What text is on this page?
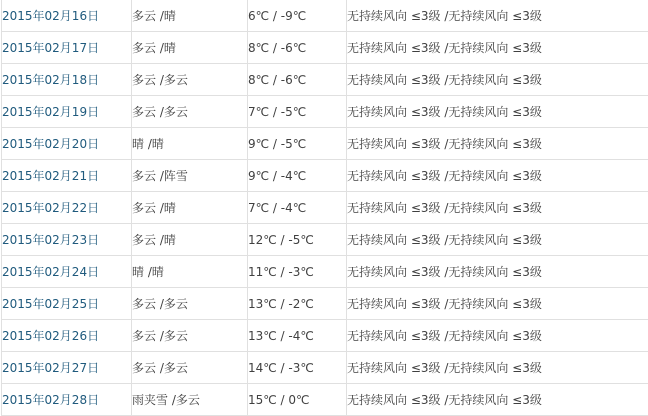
2015年02月16日	多云 /晴	6℃ / -9℃	无持续风向 ≤3级 /无持续风向 ≤3级
2015年02月17日	多云 /晴	8℃ / -6℃	无持续风向 ≤3级 /无持续风向 ≤3级
2015年02月18日	多云 /多云	8℃ / -6℃	无持续风向 ≤3级 /无持续风向 ≤3级
2015年02月19日	多云 /多云	7℃ / -5℃	无持续风向 ≤3级 /无持续风向 ≤3级
2015年02月20日	晴 /晴	9℃ / -5℃	无持续风向 ≤3级 /无持续风向 ≤3级
2015年02月21日	多云 /阵雪	9℃ / -4℃	无持续风向 ≤3级 /无持续风向 ≤3级
2015年02月22日	多云 /晴	7℃ / -4℃	无持续风向 ≤3级 /无持续风向 ≤3级
2015年02月23日	多云 /晴	12℃ / -5℃	无持续风向 ≤3级 /无持续风向 ≤3级
2015年02月24日	晴 /晴	11℃ / -3℃	无持续风向 ≤3级 /无持续风向 ≤3级
2015年02月25日	多云 /多云	13℃ / -2℃	无持续风向 ≤3级 /无持续风向 ≤3级
2015年02月26日	多云 /多云	13℃ / -4℃	无持续风向 ≤3级 /无持续风向 ≤3级
2015年02月27日	多云 /多云	14℃ / -3℃	无持续风向 ≤3级 /无持续风向 ≤3级
2015年02月28日	雨夹雪 /多云	15℃ / 0℃	无持续风向 ≤3级 /无持续风向 ≤3级
